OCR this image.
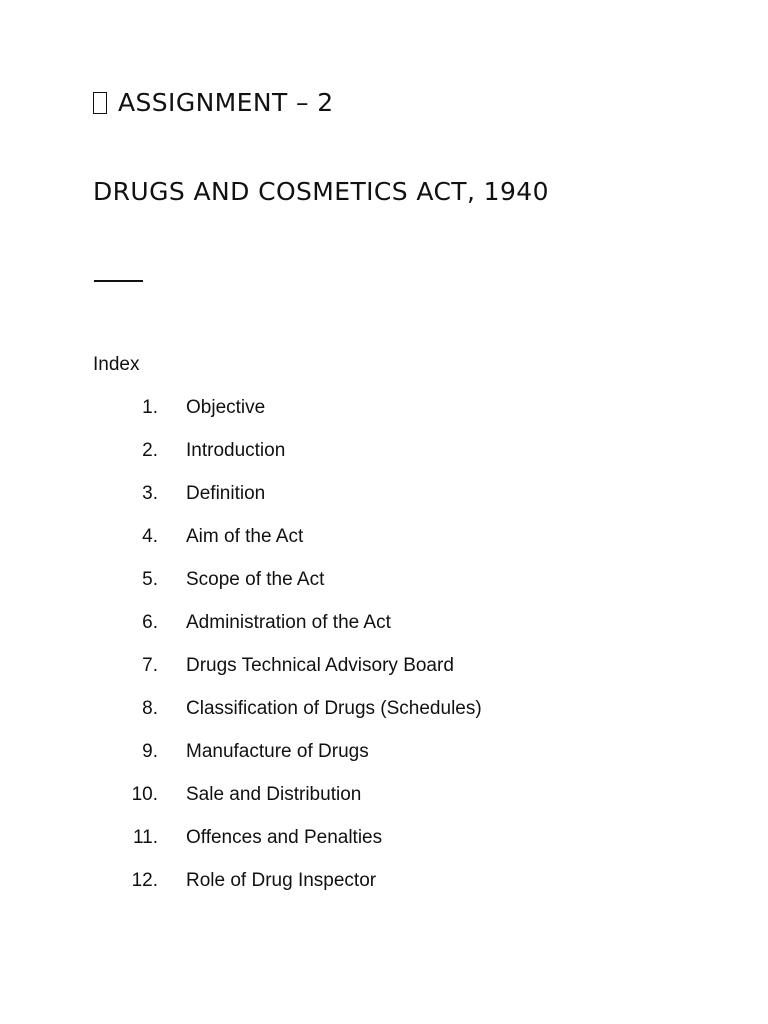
ASSIGNMENT – 2
DRUGS AND COSMETICS ACT, 1940
Index
1. Objective
2. Introduction
3. Definition
4. Aim of the Act
5. Scope of the Act
6. Administration of the Act
7. Drugs Technical Advisory Board
8. Classification of Drugs (Schedules)
9. Manufacture of Drugs
10. Sale and Distribution
11. Offences and Penalties
12. Role of Drug Inspector
